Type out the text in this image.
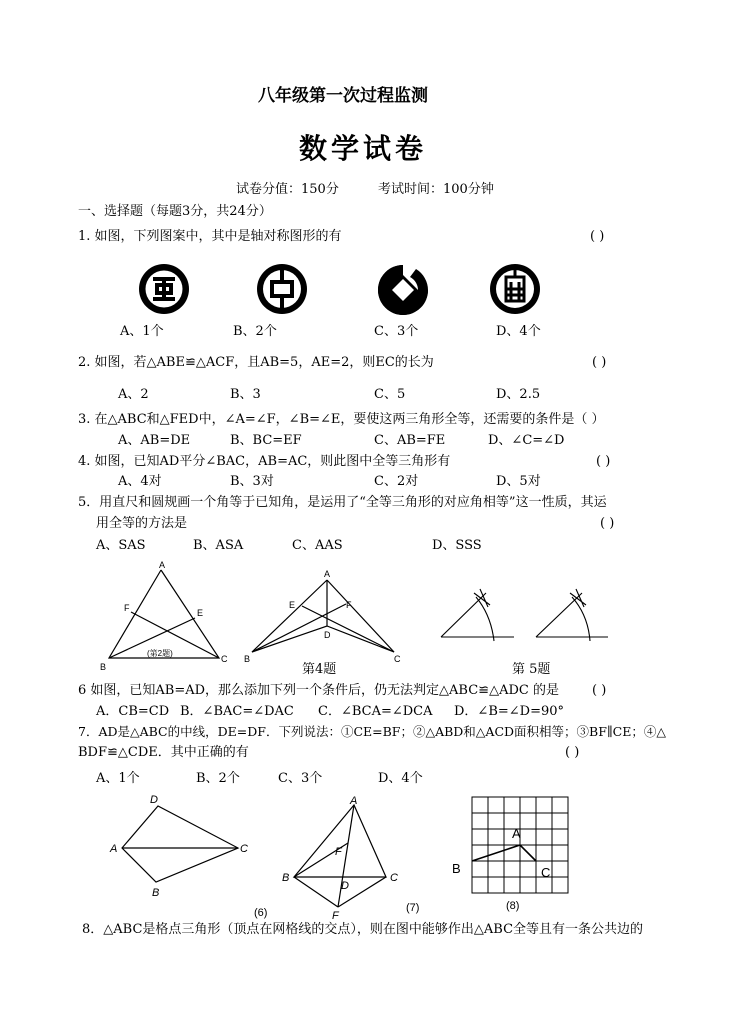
八年级第一次过程监测
数学试卷
试卷分值：150分	考试时间：100分钟
一、选择题（每题3分，共24分）
1. 如图，下列图案中，其中是轴对称图形的有	( )
A、1个	B、2个	C、3个	D、4个
2. 如图，若△ABE≌△ACF，且AB=5，AE=2，则EC的长为	( )
A、2	B、3	C、5	D、2.5
3. 在△ABC和△FED中，∠A=∠F，∠B=∠E，要使这两三角形全等，还需要的条件是（ ）
A、AB=DE	B、BC=EF	C、AB=FE	D、∠C=∠D
4. 如图，已知AD平分∠BAC，AB=AC，则此图中全等三角形有	( )
A、4对	B、3对	C、2对	D、5对
5．用直尺和圆规画一个角等于已知角，是运用了“全等三角形的对应角相等”这一性质，其运
用全等的方法是	( )
A、SAS	B、ASA	C、AAS	D、SSS
A
F	E
B
C
(第2题)
A
E	F
D
B	C
第4题	第 5题
6 如图，已知AB=AD，那么添加下列一个条件后，仍无法判定△ABC≌△ADC 的是	( )
A．CB=CD B．∠BAC=∠DAC C．∠BCA=∠DCA D．∠B=∠D=90°
7．AD是△ABC的中线，DE=DF．下列说法：①CE=BF；②△ABD和△ACD面积相等；③BF∥CE；④△
BDF≌△CDE．其中正确的有	( )
A、1个	B、2个	C、3个	D、4个
D
A	C
B
(6)
A
F
B
D
C
F
(7)
A
B	C
(8)
8．△ABC是格点三角形（顶点在网格线的交点），则在图中能够作出△ABC全等且有一条公共边的
